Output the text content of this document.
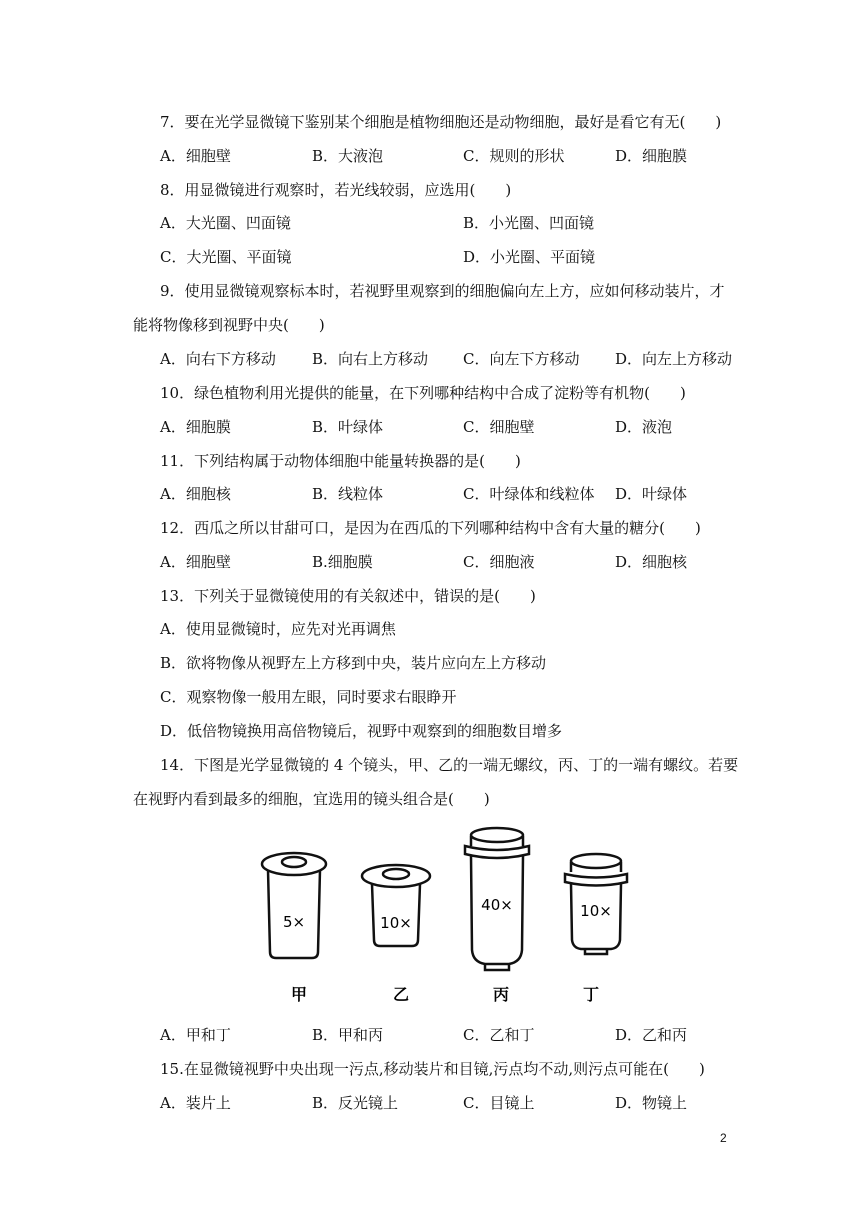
7．要在光学显微镜下鉴别某个细胞是植物细胞还是动物细胞，最好是看它有无(　　)
A．细胞壁	B．大液泡	C．规则的形状	D．细胞膜
8．用显微镜进行观察时，若光线较弱，应选用(　　)
A．大光圈、凹面镜	B．小光圈、凹面镜
C．大光圈、平面镜	D．小光圈、平面镜
9．使用显微镜观察标本时，若视野里观察到的细胞偏向左上方，应如何移动装片，才
能将物像移到视野中央(　　)
A．向右下方移动 B．向右上方移动 C．向左下方移动 D．向左上方移动
10．绿色植物利用光提供的能量，在下列哪种结构中合成了淀粉等有机物(　　)
A．细胞膜	B．叶绿体	C．细胞壁	D．液泡
11．下列结构属于动物体细胞中能量转换器的是(　　)
A．细胞核	B．线粒体	C．叶绿体和线粒体 D．叶绿体
12．西瓜之所以甘甜可口，是因为在西瓜的下列哪种结构中含有大量的糖分(　　)
A．细胞壁	B.细胞膜	C．细胞液	D．细胞核
13．下列关于显微镜使用的有关叙述中，错误的是(　　)
A．使用显微镜时，应先对光再调焦
B．欲将物像从视野左上方移到中央，装片应向左上方移动
C．观察物像一般用左眼，同时要求右眼睁开
D．低倍物镜换用高倍物镜后，视野中观察到的细胞数目增多
14．下图是光学显微镜的 4 个镜头，甲、乙的一端无螺纹，丙、丁的一端有螺纹。若要
在视野内看到最多的细胞，宜选用的镜头组合是(　　)
5×	10×
40×	10×
甲	乙	丙	丁
A．甲和丁	B．甲和丙	C．乙和丁	D．乙和丙
15.在显微镜视野中央出现一污点,移动装片和目镜,污点均不动,则污点可能在(　　)
A．装片上	B．反光镜上	C．目镜上	D．物镜上
2
